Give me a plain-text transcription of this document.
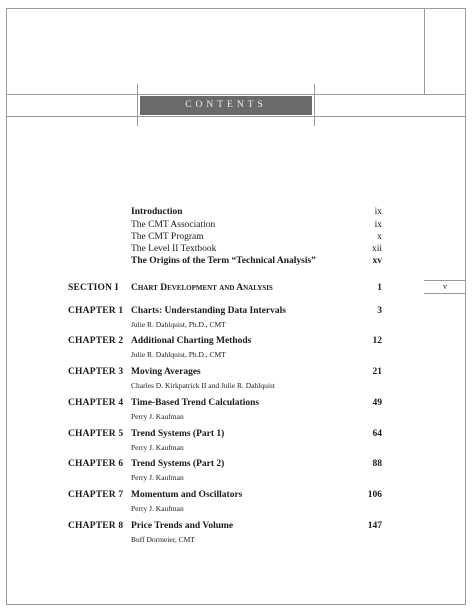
CONTENTS
v
Introduction	ix
The CMT Association	ix
The CMT Program	x
The Level II Textbook	xii
The Origins of the Term “Technical Analysis”	xv
SECTION I Chart Development and Analysis	1
CHAPTER 1 Charts: Understanding Data Intervals	3
Julie R. Dahlquist, Ph.D., CMT
CHAPTER 2 Additional Charting Methods	12
Julie R. Dahlquist, Ph.D., CMT
CHAPTER 3 Moving Averages	21
Charles D. Kirkpatrick II and Julie R. Dahlquist
CHAPTER 4 Time-Based Trend Calculations	49
Perry J. Kaufman
CHAPTER 5 Trend Systems (Part 1)	64
Perry J. Kaufman
CHAPTER 6 Trend Systems (Part 2)	88
Perry J. Kaufman
CHAPTER 7 Momentum and Oscillators	106
Perry J. Kaufman
CHAPTER 8 Price Trends and Volume	147
Buff Dormeier, CMT
